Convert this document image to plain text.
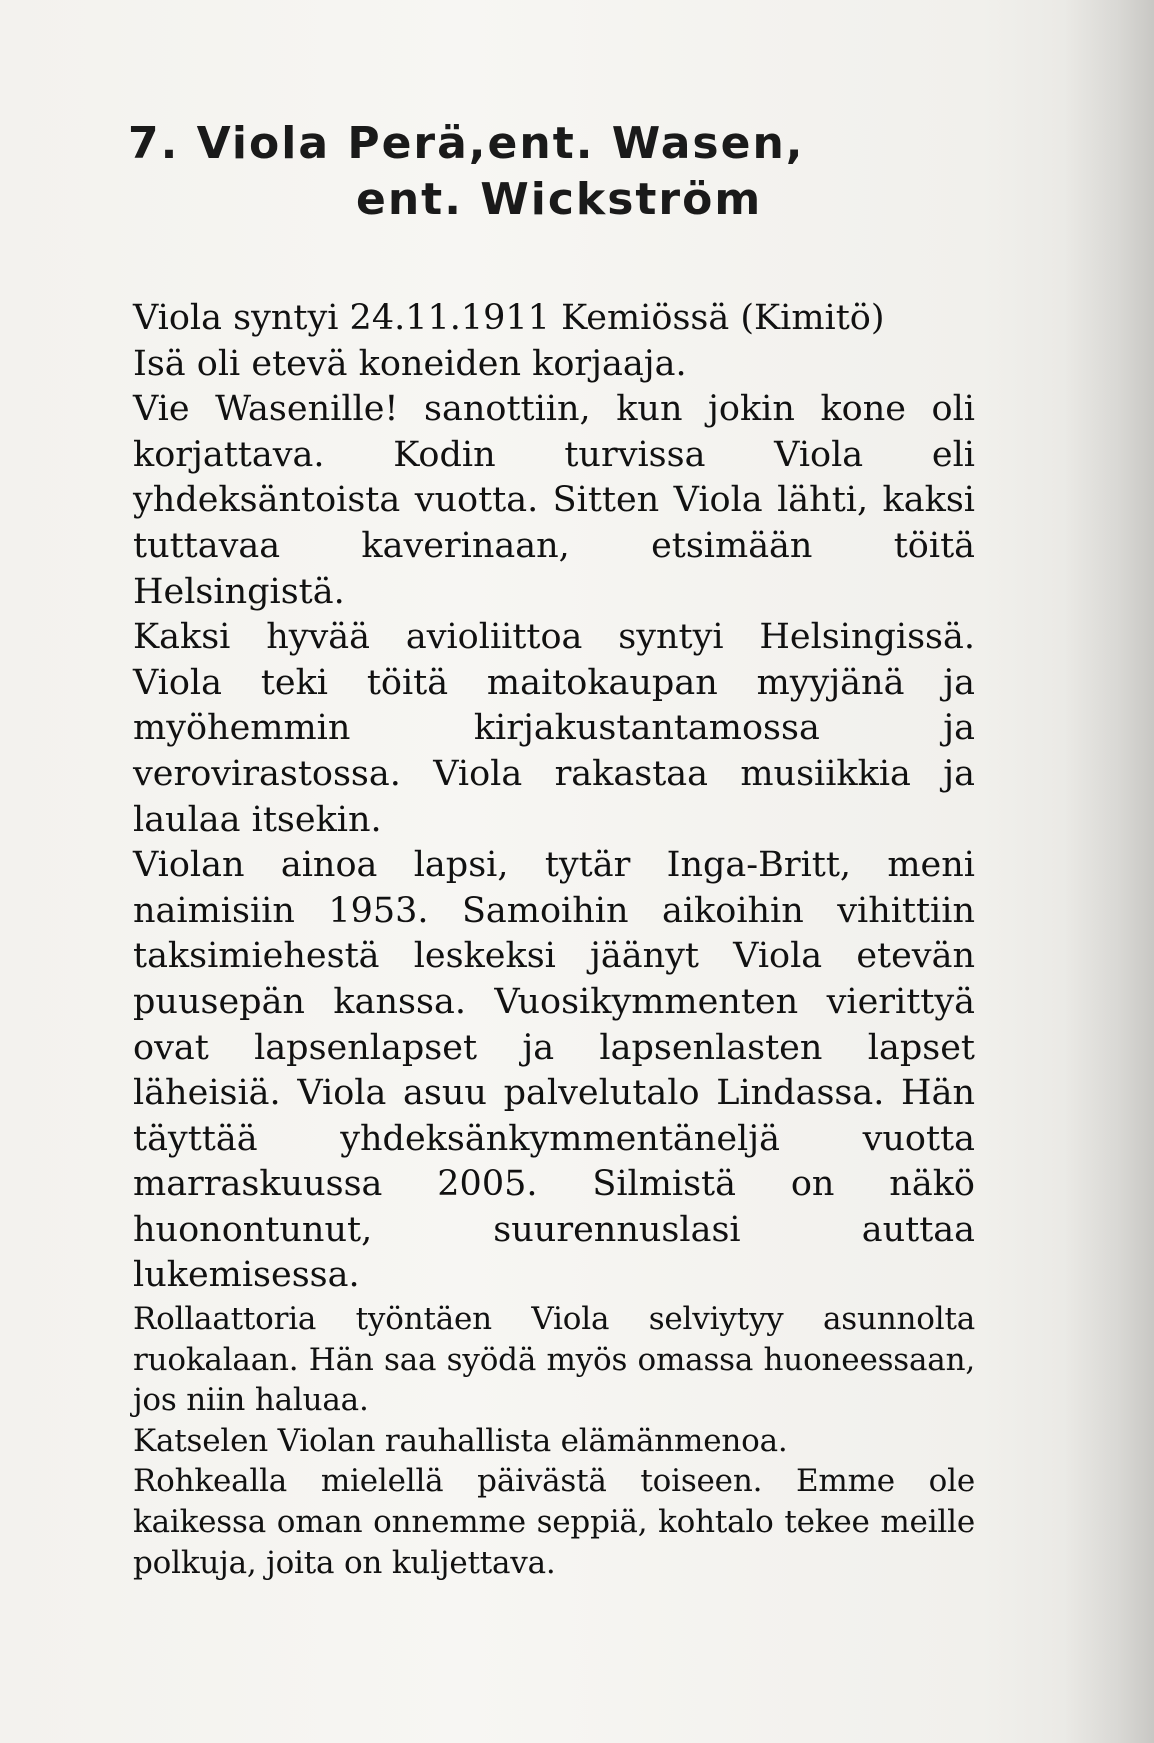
7. Viola Perä,ent. Wasen,
ent. Wickström

Viola syntyi 24.11.1911 Kemiössä (Kimitö)

Isä oli etevä koneiden korjaaja.

Vie Wasenille! sanottiin, kun jokin kone oli korjattava. Kodin turvissa Viola eli yhdeksäntoista vuotta. Sitten Viola lähti, kaksi tuttavaa kaverinaan, etsimään töitä Helsingistä.

Kaksi hyvää avioliittoa syntyi Helsingissä. Viola teki töitä maitokaupan myyjänä ja myöhemmin kirjakustantamossa ja verovirastossa. Viola rakastaa musiikkia ja laulaa itsekin.

Violan ainoa lapsi, tytär Inga-Britt, meni naimisiin 1953. Samoihin aikoihin vihittiin taksimiehestä leskeksi jäänyt Viola etevän puusepän kanssa. Vuosikymmenten vierittyä ovat lapsenlapset ja lapsenlasten lapset läheisiä. Viola asuu palvelutalo Lindassa. Hän täyttää yhdeksänkymmentäneljä vuotta marraskuussa 2005. Silmistä on näkö huonontunut, suurennuslasi auttaa lukemisessa.

Rollaattoria työntäen Viola selviytyy asunnolta ruokalaan. Hän saa syödä myös omassa huoneessaan, jos niin haluaa.

Katselen Violan rauhallista elämänmenoa.

Rohkealla mielellä päivästä toiseen. Emme ole kaikessa oman onnemme seppiä, kohtalo tekee meille polkuja, joita on kuljettava.
